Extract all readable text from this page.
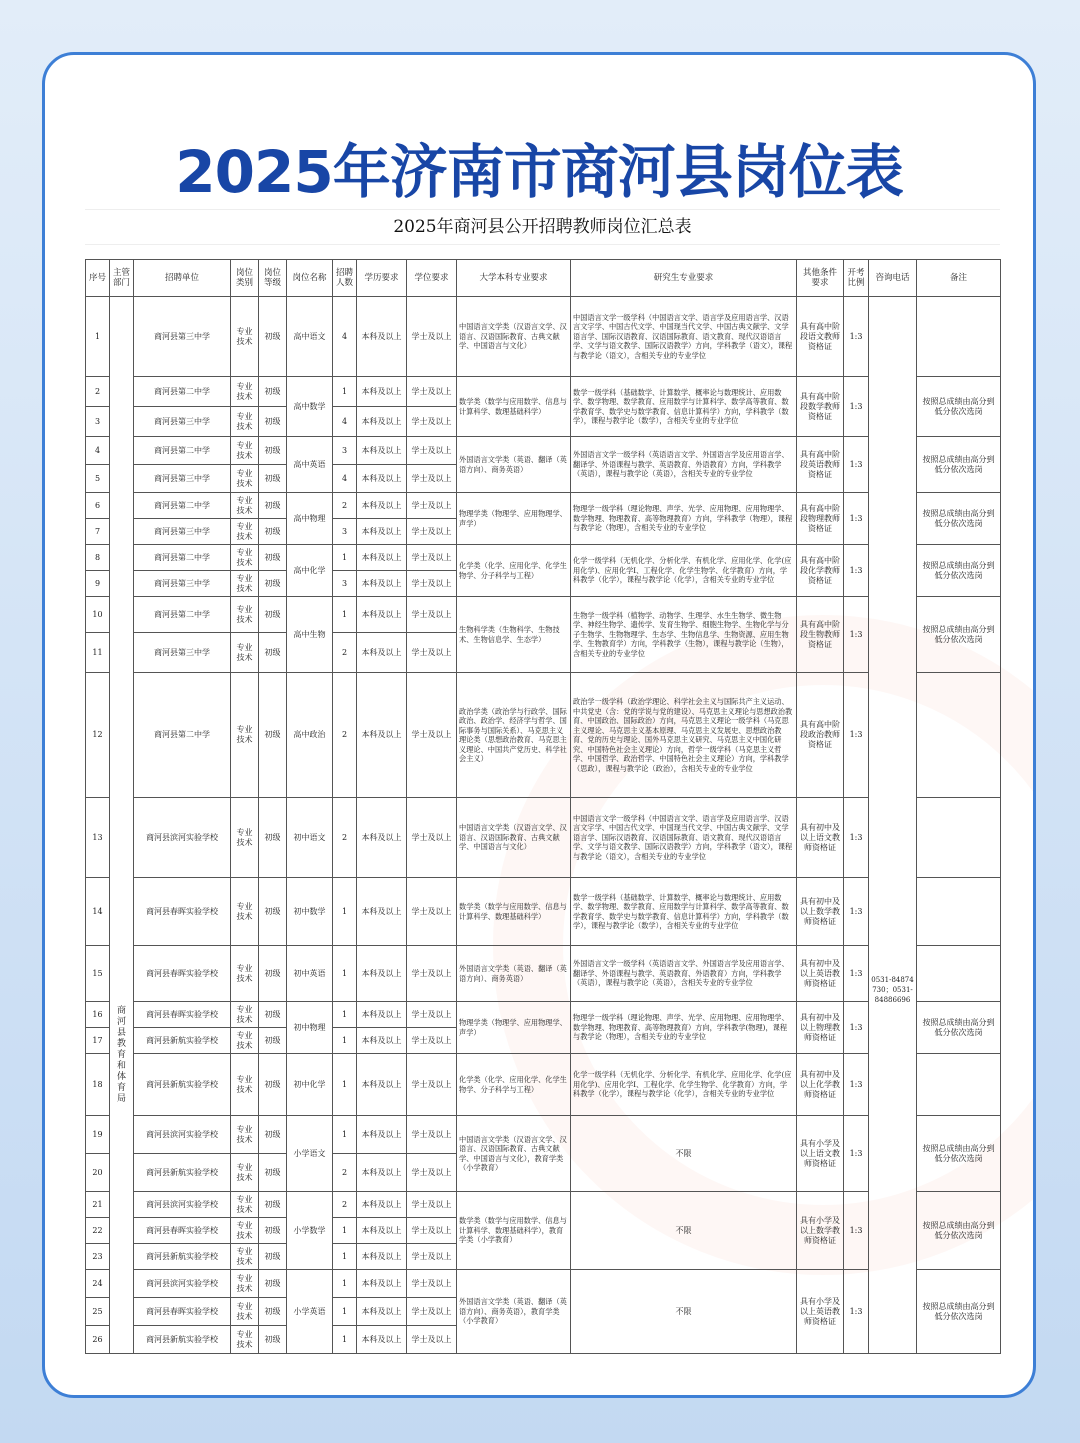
2025年济南市商河县岗位表
2025年商河县公开招聘教师岗位汇总表
序号	主管部门	招聘单位	岗位类别	岗位等级	岗位名称	招聘人数	学历要求	学位要求	大学本科专业要求	研究生专业要求	其他条件要求	开考比例	咨询电话	备注
1	商河县教育和体育局	商河县第三中学	专业技术	初级	高中语文	4	本科及以上	学士及以上	中国语言文学类（汉语言文学、汉语言、汉语国际教育、古典文献学、中国语言与文化）	中国语言文学一级学科（中国语言文学、语言学及应用语言学、汉语言文字学、中国古代文学、中国现当代文学、中国古典文献学、文学语言学、国际汉语教育、汉语国际教育、语文教育、现代汉语语言学、文学与语文教学、国际汉语教学）方向，学科教学（语文），课程与教学论（语文），含相关专业的专业学位	具有高中阶段语文教师资格证	1:3	0531-84874730；0531-84886696	
2		商河县第二中学	专业技术	初级	高中数学	1	本科及以上	学士及以上	数学类（数学与应用数学、信息与计算科学、数理基础科学）	数学一级学科（基础数学、计算数学、概率论与数理统计、应用数学、数学物理、数学教育、应用数学与计算科学、数学高等教育、数学教育学、数学史与数学教育、信息计算科学）方向，学科教学（数学），课程与教学论（数学），含相关专业的专业学位	具有高中阶段数学教师资格证	1:3		按照总成绩由高分到低分依次选岗
3		商河县第三中学	专业技术	初级		4	本科及以上	学士及以上						
4		商河县第二中学	专业技术	初级	高中英语	3	本科及以上	学士及以上	外国语言文学类（英语、翻译（英语方向）、商务英语）	外国语言文学一级学科（英语语言文学、外国语言学及应用语言学、翻译学、外语课程与教学、英语教育、外语教育）方向，学科教学（英语），课程与教学论（英语），含相关专业的专业学位	具有高中阶段英语教师资格证	1:3		按照总成绩由高分到低分依次选岗
5		商河县第三中学	专业技术	初级		4	本科及以上	学士及以上						
6		商河县第二中学	专业技术	初级	高中物理	2	本科及以上	学士及以上	物理学类（物理学、应用物理学、声学）	物理学一级学科（理论物理、声学、光学、应用物理、应用物理学、数学物理、物理教育、高等物理教育）方向，学科教学（物理），课程与教学论（物理），含相关专业的专业学位	具有高中阶段物理教师资格证	1:3		按照总成绩由高分到低分依次选岗
7		商河县第三中学	专业技术	初级		3	本科及以上	学士及以上						
8		商河县第二中学	专业技术	初级	高中化学	1	本科及以上	学士及以上	化学类（化学、应用化学、化学生物学、分子科学与工程）	化学一级学科（无机化学、分析化学、有机化学、应用化学、化学(应用化学)、应用化学Ⅰ、工程化学、化学生物学、化学教育）方向，学科教学（化学），课程与教学论（化学），含相关专业的专业学位	具有高中阶段化学教师资格证	1:3		按照总成绩由高分到低分依次选岗
9		商河县第三中学	专业技术	初级		3	本科及以上	学士及以上						
10		商河县第二中学	专业技术	初级	高中生物	1	本科及以上	学士及以上	生物科学类（生物科学、生物技术、生物信息学、生态学）	生物学一级学科（植物学、动物学、生理学、水生生物学、微生物学、神经生物学、遗传学、发育生物学、细胞生物学、生物化学与分子生物学、生物物理学、生态学、生物信息学、生物资源、应用生物学、生物教育学）方向，学科教学（生物），课程与教学论（生物），含相关专业的专业学位	具有高中阶段生物教师资格证	1:3		按照总成绩由高分到低分依次选岗
11		商河县第三中学	专业技术	初级		2	本科及以上	学士及以上						
12		商河县第二中学	专业技术	初级	高中政治	2	本科及以上	学士及以上	政治学类（政治学与行政学、国际政治、政治学、经济学与哲学、国际事务与国际关系）、马克思主义理论类（思想政治教育、马克思主义理论、中国共产党历史、科学社会主义）	政治学一级学科（政治学理论、科学社会主义与国际共产主义运动、中共党史（含：党的学说与党的建设）、马克思主义理论与思想政治教育、中国政治、国际政治）方向，马克思主义理论一级学科（马克思主义理论、马克思主义基本原理、马克思主义发展史、思想政治教育、党的历史与理论、国外马克思主义研究、马克思主义中国化研究、中国特色社会主义理论）方向，哲学一级学科（马克思主义哲学、中国哲学、政治哲学、中国特色社会主义理论）方向，学科教学（思政），课程与教学论（政治），含相关专业的专业学位	具有高中阶段政治教师资格证	1:3		
13		商河县滨河实验学校	专业技术	初级	初中语文	2	本科及以上	学士及以上	中国语言文学类（汉语言文学、汉语言、汉语国际教育、古典文献学、中国语言与文化）	中国语言文学一级学科（中国语言文学、语言学及应用语言学、汉语言文字学、中国古代文学、中国现当代文学、中国古典文献学、文学语言学、国际汉语教育、汉语国际教育、语文教育、现代汉语语言学、文学与语文教学、国际汉语教学）方向，学科教学（语文），课程与教学论（语文），含相关专业的专业学位	具有初中及以上语文教师资格证	1:3		
14		商河县春晖实验学校	专业技术	初级	初中数学	1	本科及以上	学士及以上	数学类（数学与应用数学、信息与计算科学、数理基础科学）	数学一级学科（基础数学、计算数学、概率论与数理统计、应用数学、数学物理、数学教育、应用数学与计算科学、数学高等教育、数学教育学、数学史与数学教育、信息计算科学）方向，学科教学（数学），课程与教学论（数学），含相关专业的专业学位	具有初中及以上数学教师资格证	1:3		
15		商河县春晖实验学校	专业技术	初级	初中英语	1	本科及以上	学士及以上	外国语言文学类（英语、翻译（英语方向）、商务英语）	外国语言文学一级学科（英语语言文学、外国语言学及应用语言学、翻译学、外语课程与教学、英语教育、外语教育）方向，学科教学（英语），课程与教学论（英语），含相关专业的专业学位	具有初中及以上英语教师资格证	1:3		
16		商河县春晖实验学校	专业技术	初级	初中物理	1	本科及以上	学士及以上	物理学类（物理学、应用物理学、声学）	物理学一级学科（理论物理、声学、光学、应用物理、应用物理学、数学物理、物理教育、高等物理教育）方向，学科教学(物理)，课程与教学论（物理），含相关专业的专业学位	具有初中及以上物理教师资格证	1:3		按照总成绩由高分到低分依次选岗
17		商河县新航实验学校	专业技术	初级		1	本科及以上	学士及以上						
18		商河县新航实验学校	专业技术	初级	初中化学	1	本科及以上	学士及以上	化学类（化学、应用化学、化学生物学、分子科学与工程）	化学一级学科（无机化学、分析化学、有机化学、应用化学、化学(应用化学)、应用化学Ⅰ、工程化学、化学生物学、化学教育）方向，学科教学（化学），课程与教学论（化学），含相关专业的专业学位	具有初中及以上化学教师资格证	1:3		
19		商河县滨河实验学校	专业技术	初级	小学语文	1	本科及以上	学士及以上	中国语言文学类（汉语言文学、汉语言、汉语国际教育、古典文献学、中国语言与文化），教育学类（小学教育）	不限	具有小学及以上语文教师资格证	1:3		按照总成绩由高分到低分依次选岗
20		商河县新航实验学校	专业技术	初级		2	本科及以上	学士及以上						
21		商河县滨河实验学校	专业技术	初级	小学数学	2	本科及以上	学士及以上	数学类（数学与应用数学、信息与计算科学、数理基础科学），教育学类（小学教育）	不限	具有小学及以上数学教师资格证	1:3		按照总成绩由高分到低分依次选岗
22		商河县春晖实验学校	专业技术	初级		1	本科及以上	学士及以上						
23		商河县新航实验学校	专业技术	初级		1	本科及以上	学士及以上						
24		商河县滨河实验学校	专业技术	初级	小学英语	1	本科及以上	学士及以上	外国语言文学类（英语、翻译（英语方向）、商务英语），教育学类（小学教育）	不限	具有小学及以上英语教师资格证	1:3		按照总成绩由高分到低分依次选岗
25		商河县春晖实验学校	专业技术	初级		1	本科及以上	学士及以上						
26		商河县新航实验学校	专业技术	初级		1	本科及以上	学士及以上						
